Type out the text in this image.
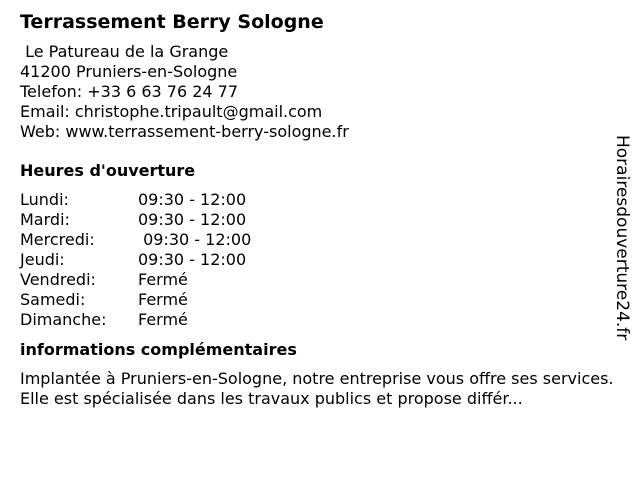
Terrassement Berry Sologne
Le Patureau de la Grange
41200 Pruniers-en-Sologne
Telefon: +33 6 63 76 24 77
Email: christophe.tripault@gmail.com
Web: www.terrassement-berry-sologne.fr
Heures d'ouverture
Lundi:	09:30 - 12:00
Mardi:	09:30 - 12:00
Mercredi:	09:30 - 12:00
Jeudi:	09:30 - 12:00
Vendredi:	Fermé
Samedi:	Fermé
Dimanche:	Fermé
informations complémentaires
Implantée à Pruniers-en-Sologne, notre entreprise vous offre ses services. Elle est spécialisée dans les travaux publics et propose différ...
Horairesdouverture24.fr
